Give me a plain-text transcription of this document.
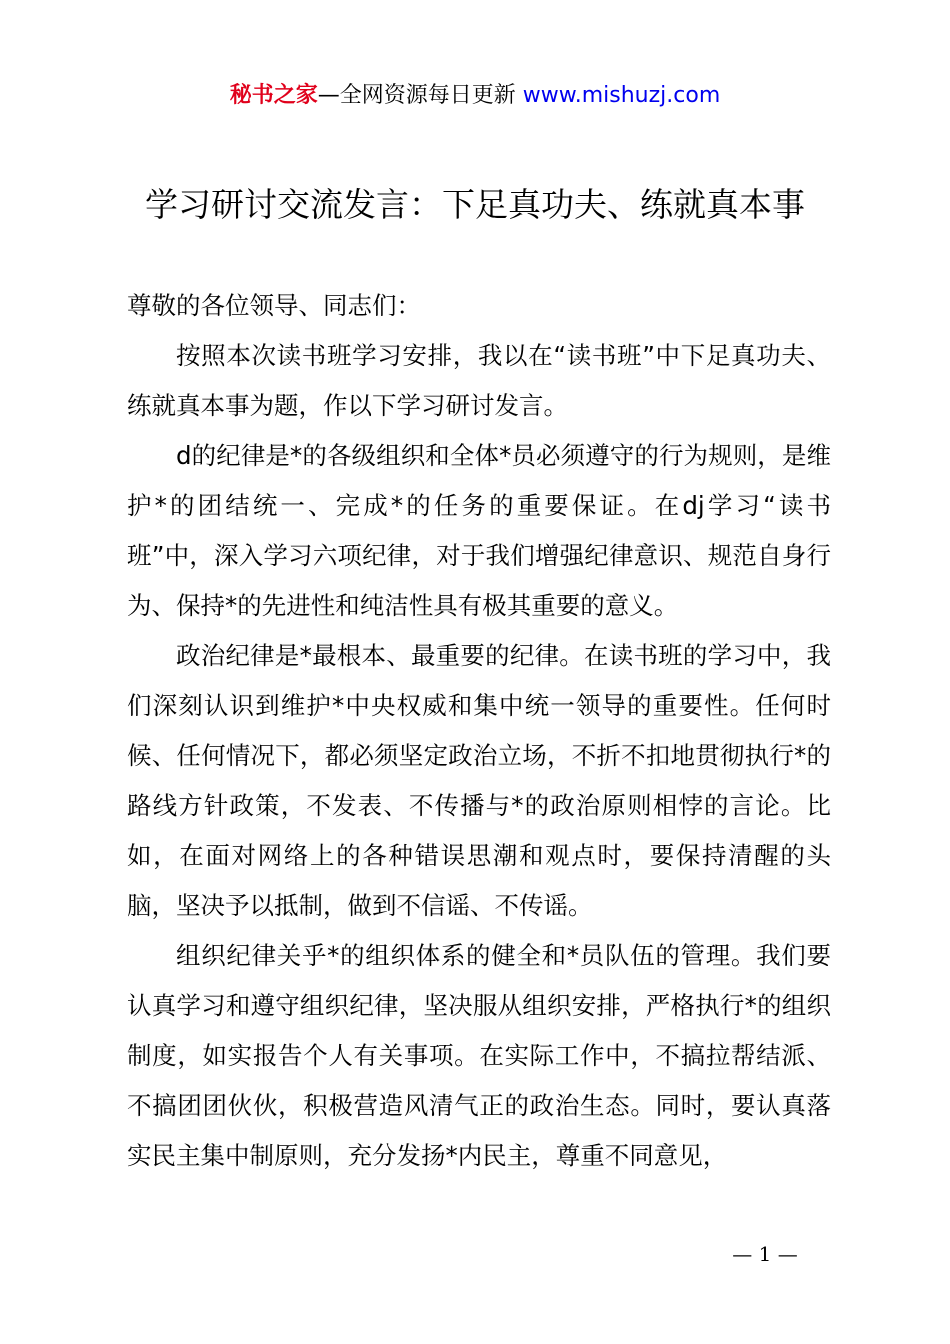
秘书之家—全网资源每日更新 www.mishuzj.com
学习研讨交流发言：下足真功夫、练就真本事

尊敬的各位领导、同志们：

按照本次读书班学习安排，我以在“读书班”中下足真功夫、练就真本事为题，作以下学习研讨发言。

d的纪律是*的各级组织和全体*员必须遵守的行为规则，是维护*的团结统一、完成*的任务的重要保证。在dj学习“读书班”中，深入学习六项纪律，对于我们增强纪律意识、规范自身行为、保持*的先进性和纯洁性具有极其重要的意义。

政治纪律是*最根本、最重要的纪律。在读书班的学习中，我们深刻认识到维护*中央权威和集中统一领导的重要性。任何时候、任何情况下，都必须坚定政治立场，不折不扣地贯彻执行*的路线方针政策，不发表、不传播与*的政治原则相悖的言论。比如，在面对网络上的各种错误思潮和观点时，要保持清醒的头脑，坚决予以抵制，做到不信谣、不传谣。

组织纪律关乎*的组织体系的健全和*员队伍的管理。我们要认真学习和遵守组织纪律，坚决服从组织安排，严格执行*的组织制度，如实报告个人有关事项。在实际工作中，不搞拉帮结派、不搞团团伙伙，积极营造风清气正的政治生态。同时，要认真落实民主集中制原则，充分发扬*内民主，尊重不同意见，

— 1 —
